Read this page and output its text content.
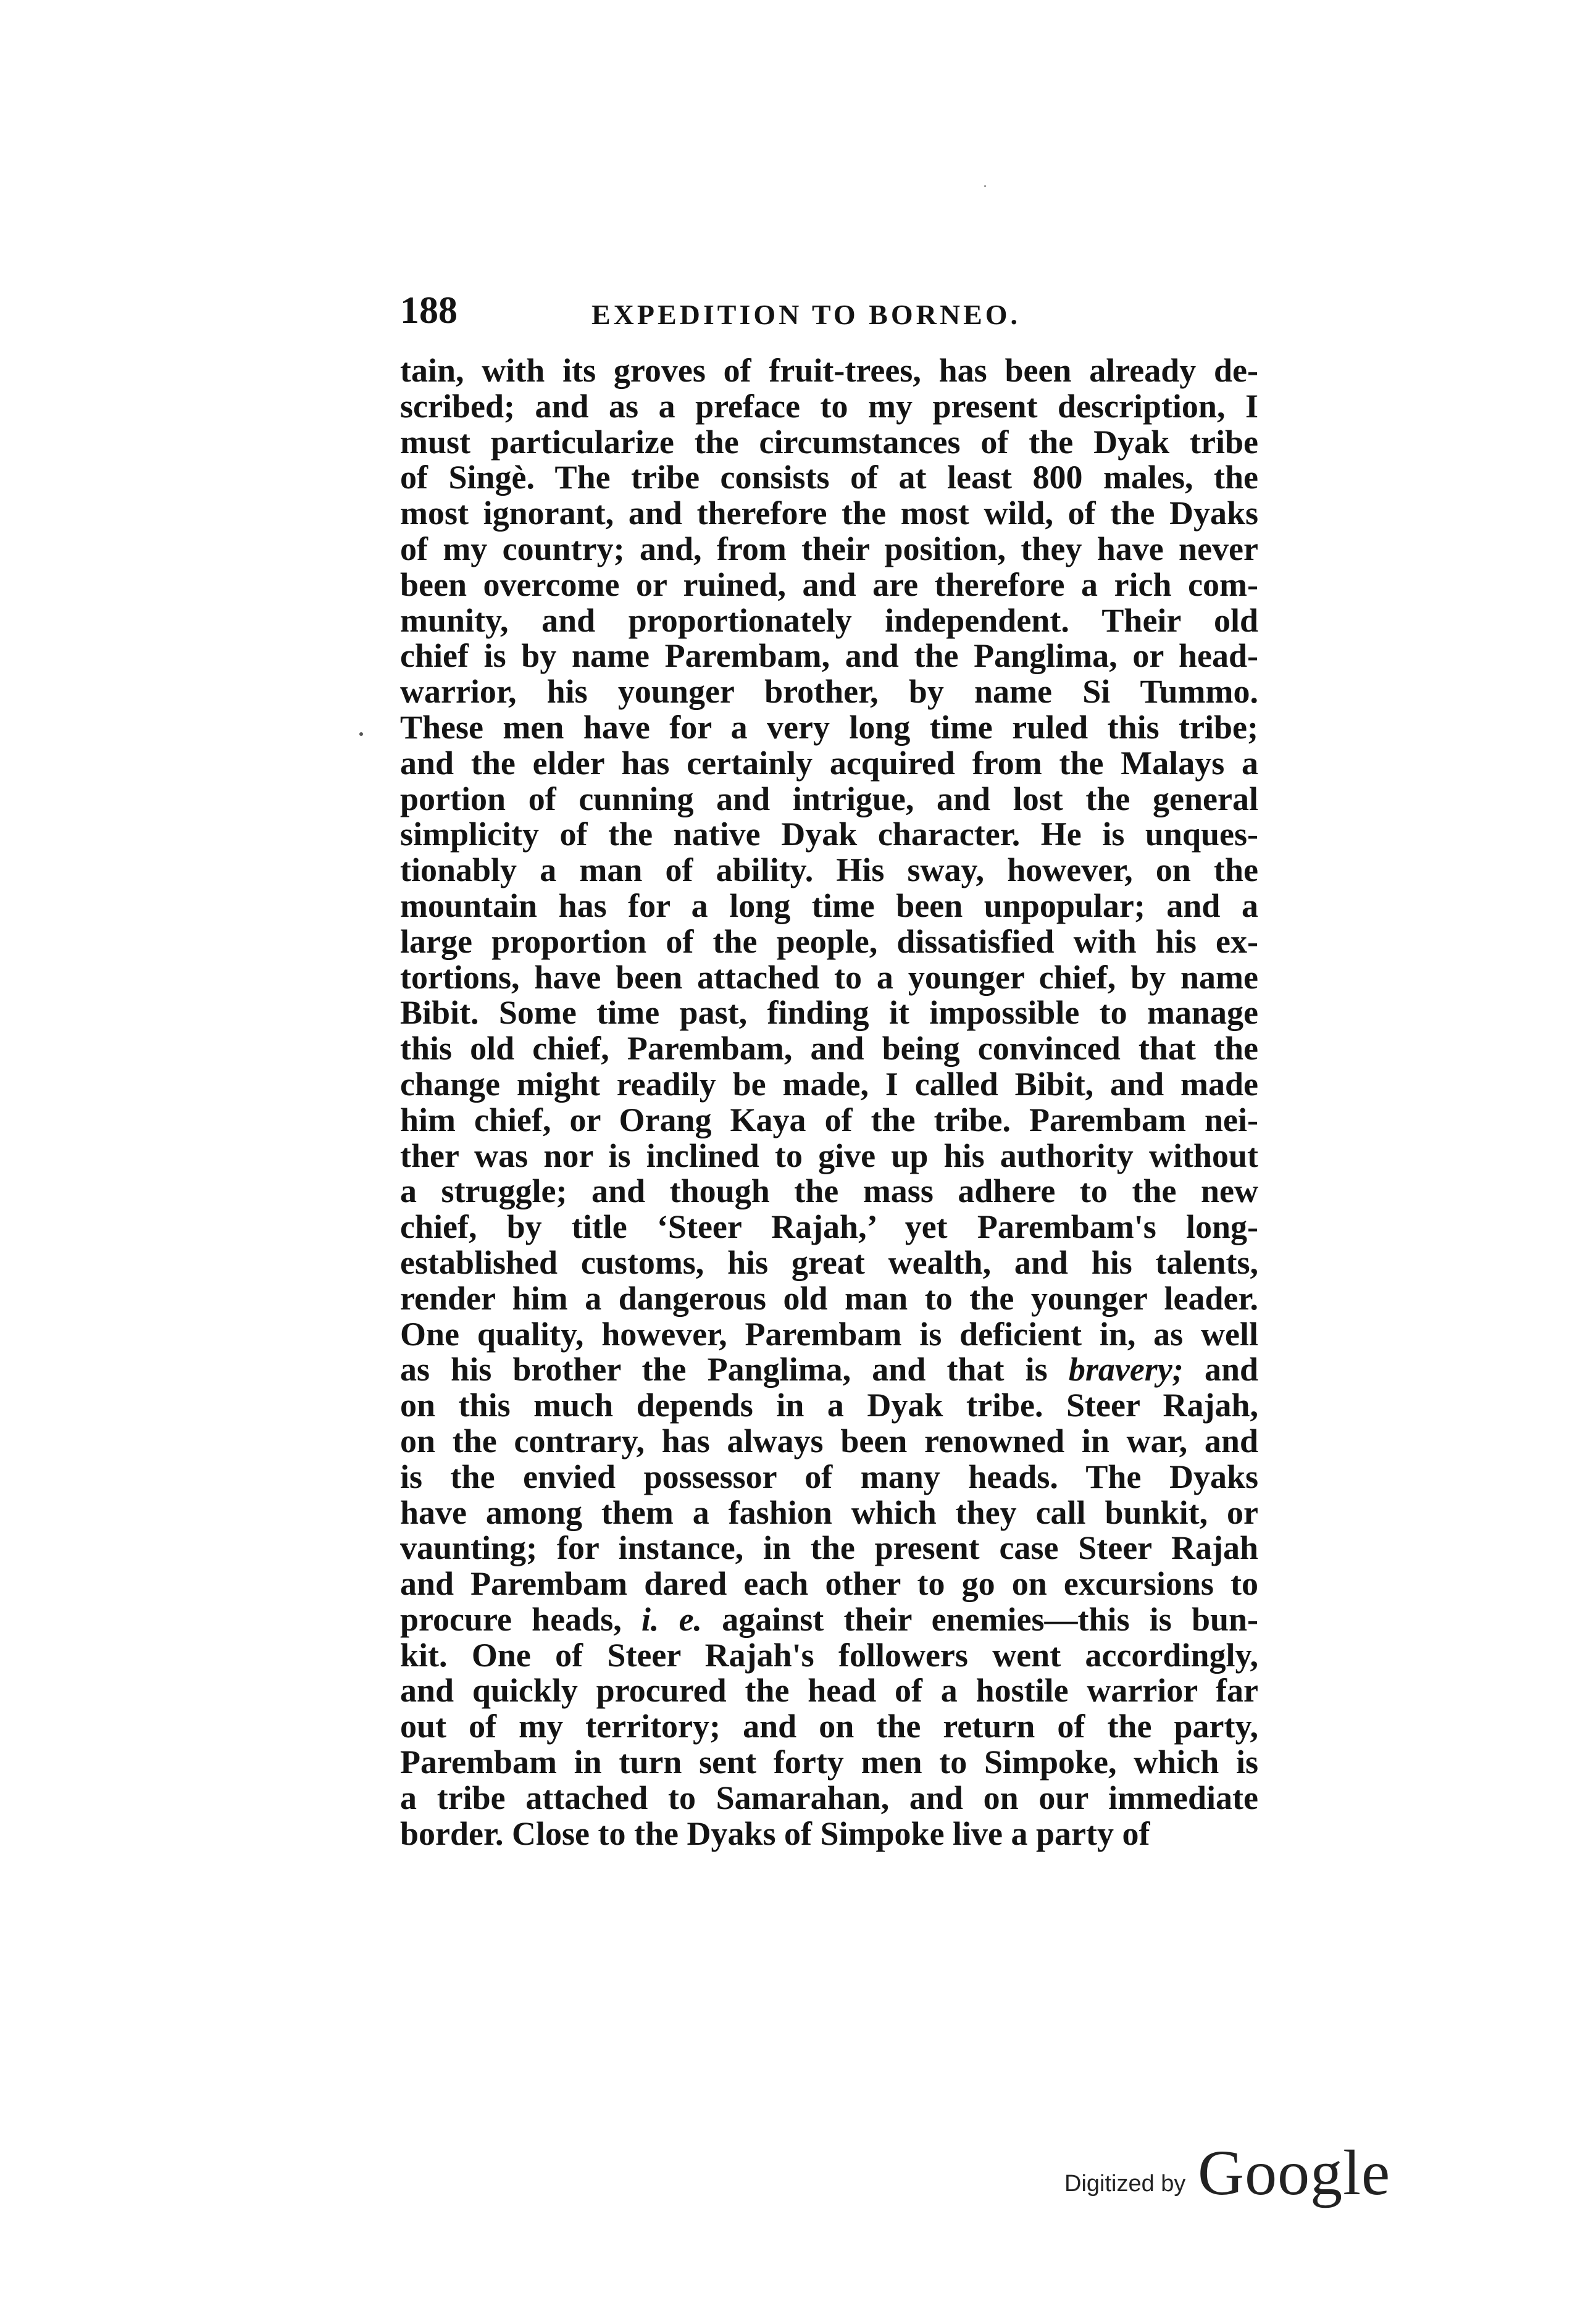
188	EXPEDITION TO BORNEO.
tain, with its groves of fruit-trees, has been already de-
scribed; and as a preface to my present description, I
must particularize the circumstances of the Dyak tribe
of Singè. The tribe consists of at least 800 males, the
most ignorant, and therefore the most wild, of the Dyaks
of my country; and, from their position, they have never
been overcome or ruined, and are therefore a rich com-
munity, and proportionately independent. Their old
chief is by name Parembam, and the Panglima, or head-
warrior, his younger brother, by name Si Tummo.
These men have for a very long time ruled this tribe;
and the elder has certainly acquired from the Malays a
portion of cunning and intrigue, and lost the general
simplicity of the native Dyak character. He is unques-
tionably a man of ability. His sway, however, on the
mountain has for a long time been unpopular; and a
large proportion of the people, dissatisfied with his ex-
tortions, have been attached to a younger chief, by name
Bibit. Some time past, finding it impossible to manage
this old chief, Parembam, and being convinced that the
change might readily be made, I called Bibit, and made
him chief, or Orang Kaya of the tribe. Parembam nei-
ther was nor is inclined to give up his authority without
a struggle; and though the mass adhere to the new
chief, by title ‘Steer Rajah,’ yet Parembam's long-
established customs, his great wealth, and his talents,
render him a dangerous old man to the younger leader.
One quality, however, Parembam is deficient in, as well
as his brother the Panglima, and that is bravery; and
on this much depends in a Dyak tribe. Steer Rajah,
on the contrary, has always been renowned in war, and
is the envied possessor of many heads. The Dyaks
have among them a fashion which they call bunkit, or
vaunting; for instance, in the present case Steer Rajah
and Parembam dared each other to go on excursions to
procure heads, i. e. against their enemies—this is bun-
kit. One of Steer Rajah's followers went accordingly,
and quickly procured the head of a hostile warrior far
out of my territory; and on the return of the party,
Parembam in turn sent forty men to Simpoke, which is
a tribe attached to Samarahan, and on our immediate
border. Close to the Dyaks of Simpoke live a party of
Digitized by Google
